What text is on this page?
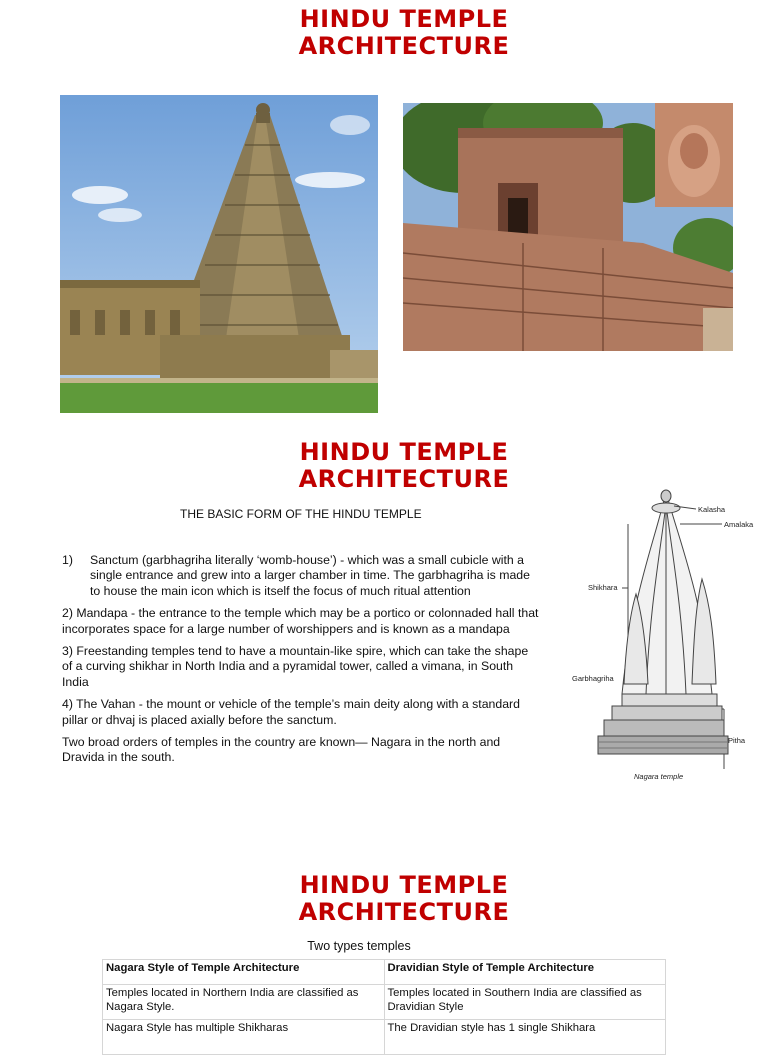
HINDU TEMPLE
ARCHITECTURE
HINDU TEMPLE
ARCHITECTURE
THE BASIC FORM OF THE HINDU TEMPLE
1)	Sanctum (garbhagriha literally ‘womb-house’) - which was a small cubicle with a single entrance and grew into a larger chamber in time. The garbhagriha is made to house the main icon which is itself the focus of much ritual attention

2) Mandapa - the entrance to the temple which may be a portico or colonnaded hall that incorporates space for a large number of worshippers and is known as a mandapa

3) Freestanding temples tend to have a mountain-like spire, which can take the shape of a curving shikhar in North India and a pyramidal tower, called a vimana, in South India

4) The Vahan - the mount or vehicle of the temple’s main deity along with a standard pillar or dhvaj is placed axially before the sanctum.

Two broad orders of temples in the country are known— Nagara in the north and Dravida in the south.

Kalasha
Amalaka
Shikhara
Garbhagriha
Pitha
Nagara temple
HINDU TEMPLE
ARCHITECTURE
Two types temples
Nagara Style of Temple Architecture	Dravidian Style of Temple Architecture
Temples located in Northern India are classified as Nagara Style.	Temples located in Southern India are classified as Dravidian Style
Nagara Style has multiple Shikharas	The Dravidian style has 1 single Shikhara
